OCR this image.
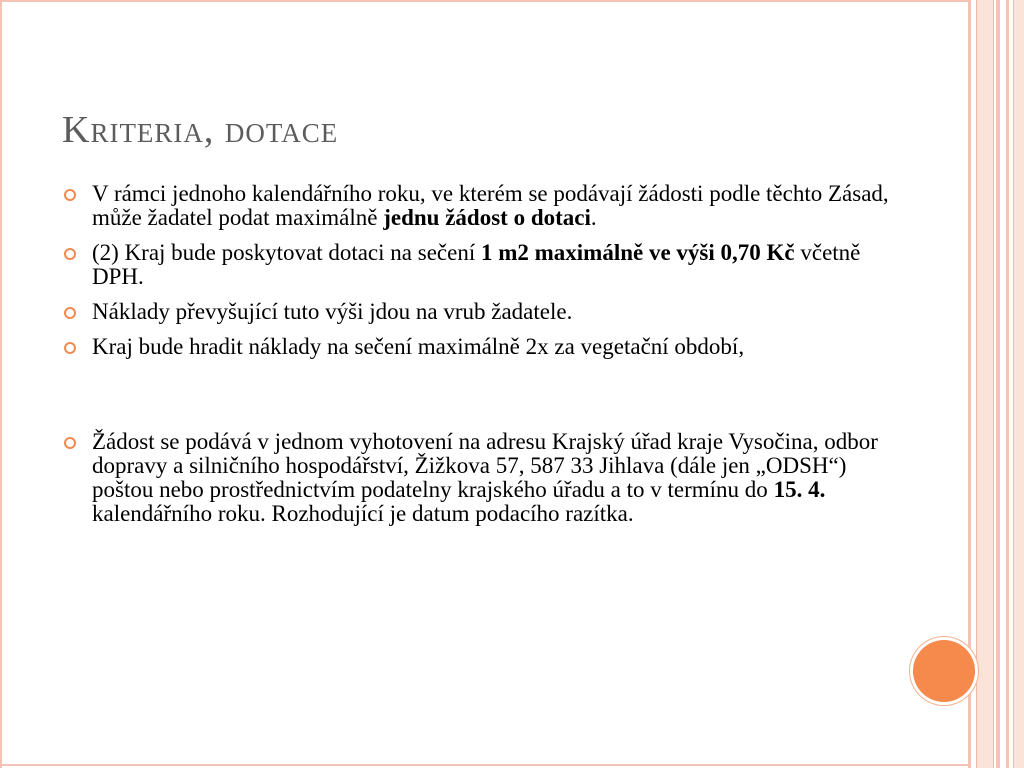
Kriteria, dotace
V rámci jednoho kalendářního roku, ve kterém se podávají žádosti podle těchto Zásad, může žadatel podat maximálně jednu žádost o dotaci.
(2) Kraj bude poskytovat dotaci na sečení 1 m2 maximálně ve výši 0,70 Kč včetně DPH.
Náklady převyšující tuto výši jdou na vrub žadatele.
Kraj bude hradit náklady na sečení maximálně 2x za vegetační období,
Žádost se podává v jednom vyhotovení na adresu Krajský úřad kraje Vysočina, odbor dopravy a silničního hospodářství, Žižkova 57, 587 33 Jihlava (dále jen „ODSH“) poštou nebo prostřednictvím podatelny krajského úřadu a to v termínu do 15. 4. kalendářního roku. Rozhodující je datum podacího razítka.
